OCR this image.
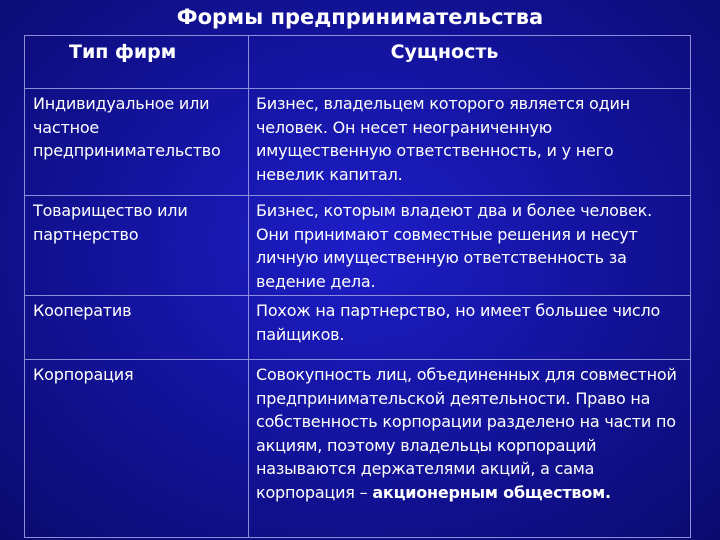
Формы предпринимательства
Тип фирм	Сущность
Индивидуальное или частное предпринимательство	Бизнес, владельцем которого является один человек. Он несет неограниченную имущественную ответственность, и у него невелик капитал.
Товарищество или партнерство	Бизнес, которым владеют два и более человек. Они принимают совместные решения и несут личную имущественную ответственность за ведение дела.
Кооператив	Похож на партнерство, но имеет большее число пайщиков.
Корпорация	Совокупность лиц, объединенных для совместной предпринимательской деятельности. Право на собственность корпорации разделено на части по акциям, поэтому владельцы корпораций называются держателями акций, а сама корпорация – акционерным обществом.
